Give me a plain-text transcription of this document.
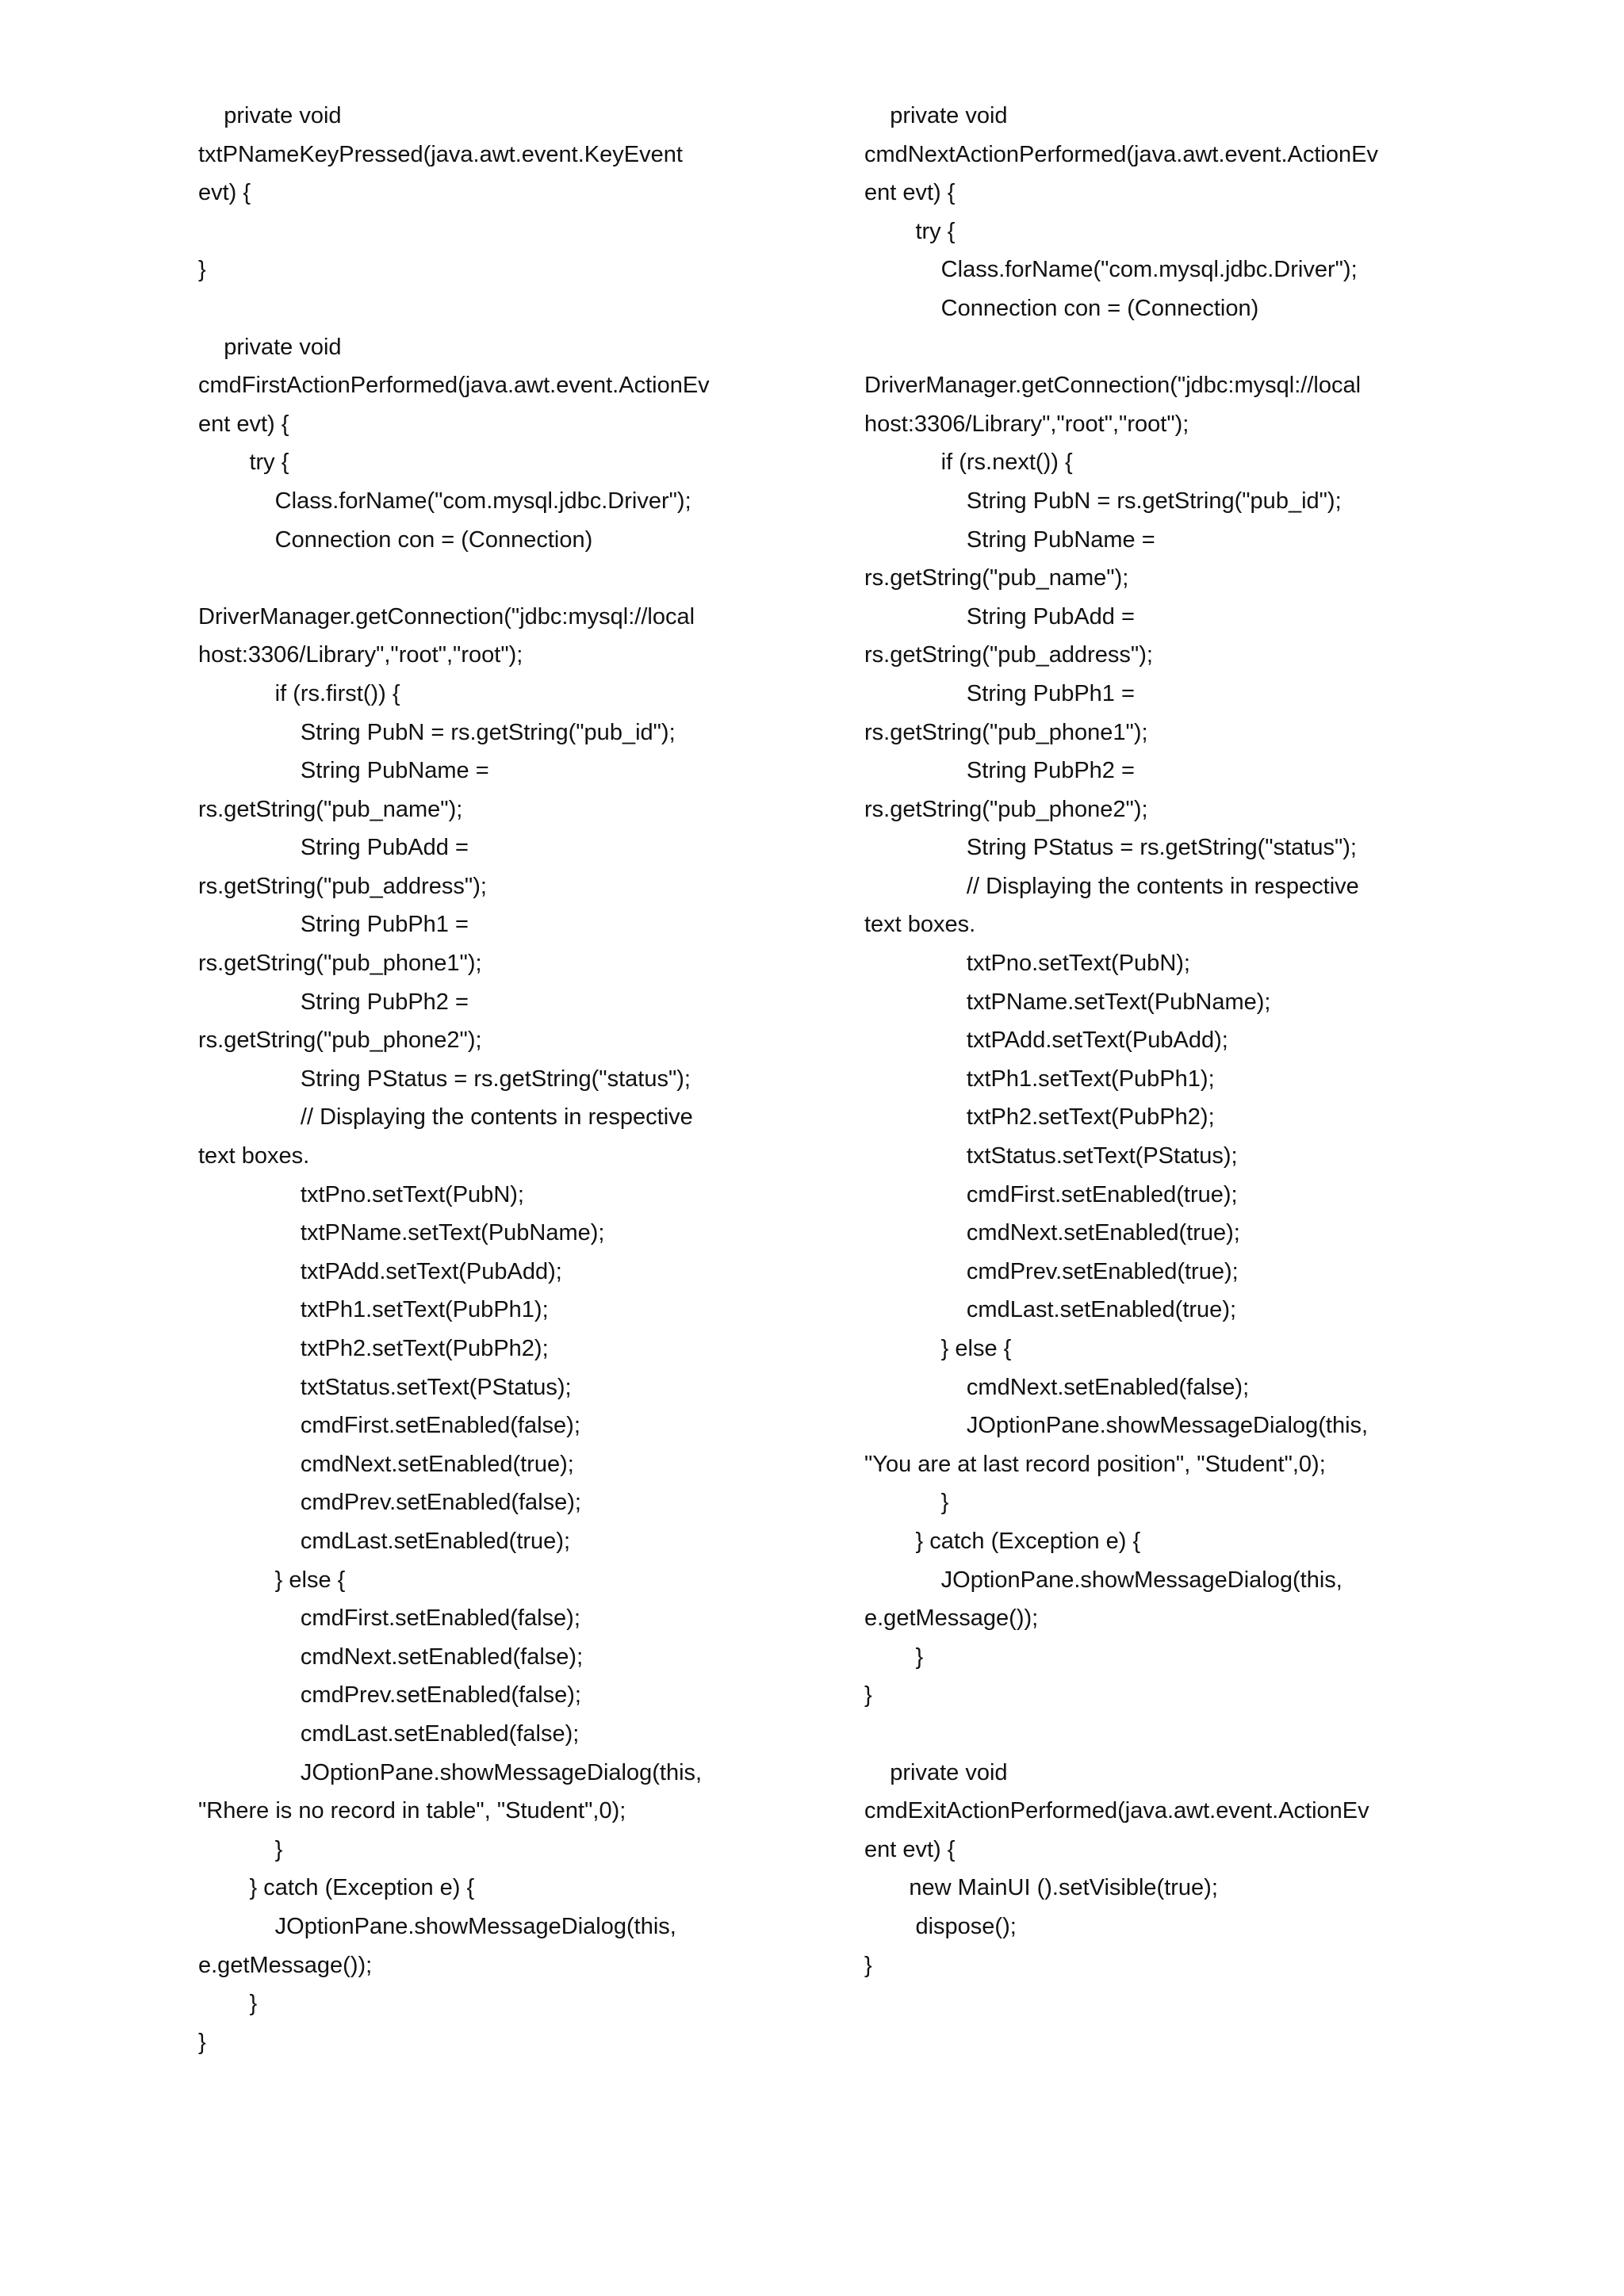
private void
txtPNameKeyPressed(java.awt.event.KeyEvent
evt) {
}
private void
cmdFirstActionPerformed(java.awt.event.ActionEv
ent evt) {
try {
Class.forName("com.mysql.jdbc.Driver");
Connection con = (Connection)
DriverManager.getConnection("jdbc:mysql://local
host:3306/Library","root","root");
if (rs.first()) {
String PubN = rs.getString("pub_id");
String PubName =
rs.getString("pub_name");
String PubAdd =
rs.getString("pub_address");
String PubPh1 =
rs.getString("pub_phone1");
String PubPh2 =
rs.getString("pub_phone2");
String PStatus = rs.getString("status");
// Displaying the contents in respective
text boxes.
txtPno.setText(PubN);
txtPName.setText(PubName);
txtPAdd.setText(PubAdd);
txtPh1.setText(PubPh1);
txtPh2.setText(PubPh2);
txtStatus.setText(PStatus);
cmdFirst.setEnabled(false);
cmdNext.setEnabled(true);
cmdPrev.setEnabled(false);
cmdLast.setEnabled(true);
} else {
cmdFirst.setEnabled(false);
cmdNext.setEnabled(false);
cmdPrev.setEnabled(false);
cmdLast.setEnabled(false);
JOptionPane.showMessageDialog(this,
"Rhere is no record in table", "Student",0);
}
} catch (Exception e) {
JOptionPane.showMessageDialog(this,
e.getMessage());
}
}
private void
cmdNextActionPerformed(java.awt.event.ActionEv
ent evt) {
try {
Class.forName("com.mysql.jdbc.Driver");
Connection con = (Connection)
DriverManager.getConnection("jdbc:mysql://local
host:3306/Library","root","root");
if (rs.next()) {
String PubN = rs.getString("pub_id");
String PubName =
rs.getString("pub_name");
String PubAdd =
rs.getString("pub_address");
String PubPh1 =
rs.getString("pub_phone1");
String PubPh2 =
rs.getString("pub_phone2");
String PStatus = rs.getString("status");
// Displaying the contents in respective
text boxes.
txtPno.setText(PubN);
txtPName.setText(PubName);
txtPAdd.setText(PubAdd);
txtPh1.setText(PubPh1);
txtPh2.setText(PubPh2);
txtStatus.setText(PStatus);
cmdFirst.setEnabled(true);
cmdNext.setEnabled(true);
cmdPrev.setEnabled(true);
cmdLast.setEnabled(true);
} else {
cmdNext.setEnabled(false);
JOptionPane.showMessageDialog(this,
"You are at last record position", "Student",0);
}
} catch (Exception e) {
JOptionPane.showMessageDialog(this,
e.getMessage());
}
}
private void
cmdExitActionPerformed(java.awt.event.ActionEv
ent evt) {
new MainUI ().setVisible(true);
dispose();
}
